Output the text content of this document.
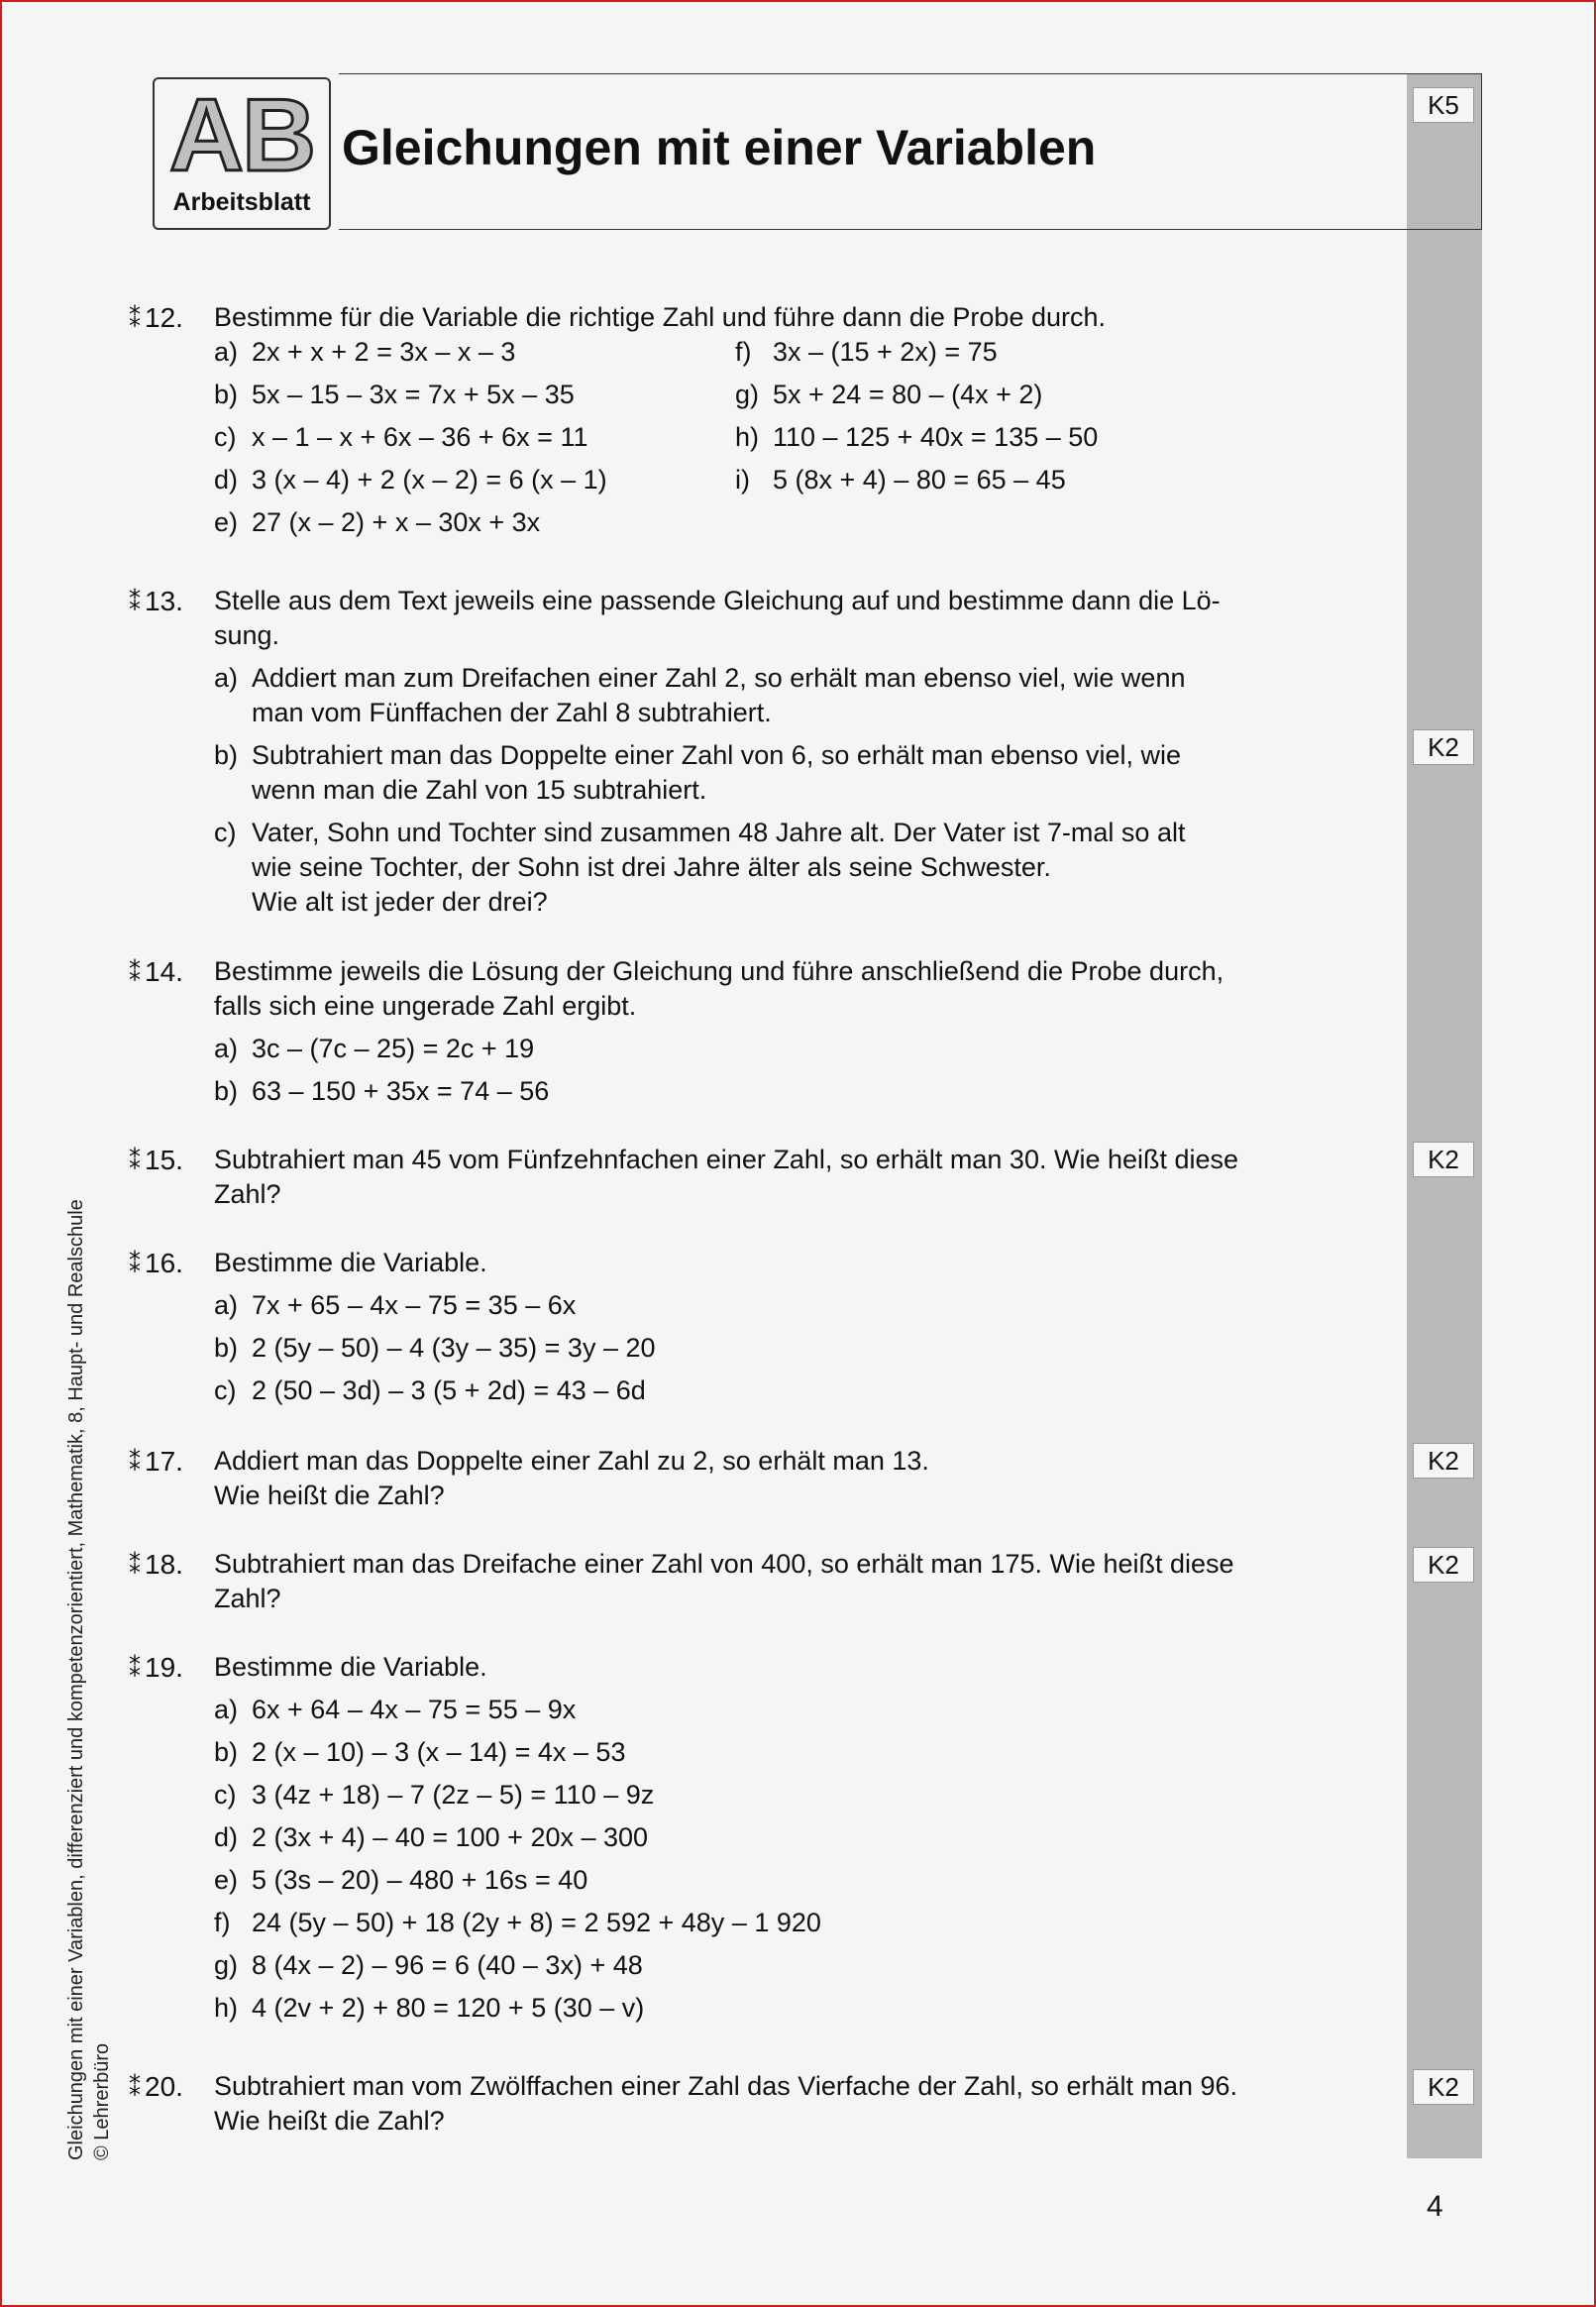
AB
Arbeitsblatt
Gleichungen mit einer Variablen
K5
K2
K2
K2
K2
K2
⁑ 12.	Bestimme für die Variable die richtige Zahl und führe dann die Probe durch.
a) 2x + x + 2 = 3x – x – 3
b) 5x – 15 – 3x = 7x + 5x – 35
c) x – 1 – x + 6x – 36 + 6x = 11
d) 3 (x – 4) + 2 (x – 2) = 6 (x – 1)
e) 27 (x – 2) + x – 30x + 3x
f) 3x – (15 + 2x) = 75
g) 5x + 24 = 80 – (4x + 2)
h) 110 – 125 + 40x = 135 – 50
i) 5 (8x + 4) – 80 = 65 – 45
⁑ 13.	Stelle aus dem Text jeweils eine passende Gleichung auf und bestimme dann die Lö-
sung.
a) Addiert man zum Dreifachen einer Zahl 2, so erhält man ebenso viel, wie wenn
man vom Fünffachen der Zahl 8 subtrahiert.
b) Subtrahiert man das Doppelte einer Zahl von 6, so erhält man ebenso viel, wie
wenn man die Zahl von 15 subtrahiert.
c) Vater, Sohn und Tochter sind zusammen 48 Jahre alt. Der Vater ist 7-mal so alt
wie seine Tochter, der Sohn ist drei Jahre älter als seine Schwester.
Wie alt ist jeder der drei?
⁑ 14.	Bestimme jeweils die Lösung der Gleichung und führe anschließend die Probe durch,
falls sich eine ungerade Zahl ergibt.
a) 3c – (7c – 25) = 2c + 19
b) 63 – 150 + 35x = 74 – 56
⁑ 15.	Subtrahiert man 45 vom Fünfzehnfachen einer Zahl, so erhält man 30. Wie heißt diese
Zahl?
⁑ 16.	Bestimme die Variable.
a) 7x + 65 – 4x – 75 = 35 – 6x
b) 2 (5y – 50) – 4 (3y – 35) = 3y – 20
c) 2 (50 – 3d) – 3 (5 + 2d) = 43 – 6d
⁑ 17.	Addiert man das Doppelte einer Zahl zu 2, so erhält man 13.
Wie heißt die Zahl?
⁑ 18.	Subtrahiert man das Dreifache einer Zahl von 400, so erhält man 175. Wie heißt diese
Zahl?
⁑ 19.	Bestimme die Variable.
a) 6x + 64 – 4x – 75 = 55 – 9x
b) 2 (x – 10) – 3 (x – 14) = 4x – 53
c) 3 (4z + 18) – 7 (2z – 5) = 110 – 9z
d) 2 (3x + 4) – 40 = 100 + 20x – 300
e) 5 (3s – 20) – 480 + 16s = 40
f) 24 (5y – 50) + 18 (2y + 8) = 2 592 + 48y – 1 920
g) 8 (4x – 2) – 96 = 6 (40 – 3x) + 48
h) 4 (2v + 2) + 80 = 120 + 5 (30 – v)
⁑ 20.	Subtrahiert man vom Zwölffachen einer Zahl das Vierfache der Zahl, so erhält man 96.
Wie heißt die Zahl?
Gleichungen mit einer Variablen, differenziert und kompetenzorientiert, Mathematik, 8, Haupt- und Realschule © Lehrerbüro
4
